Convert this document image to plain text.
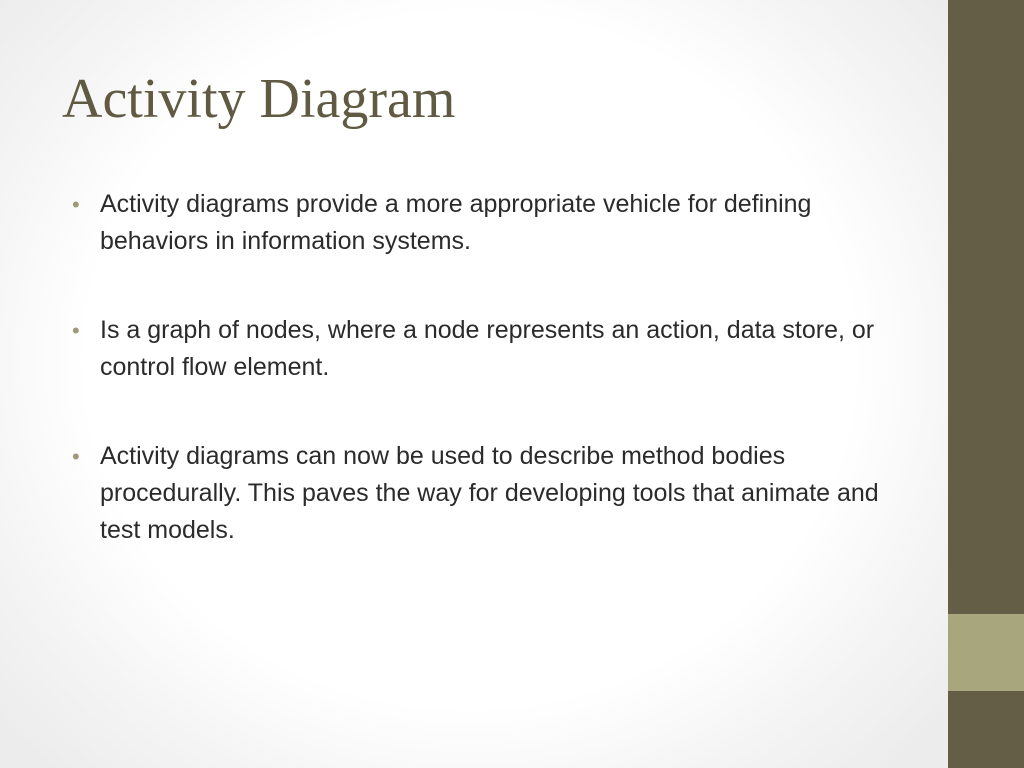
Activity Diagram
• Activity diagrams provide a more appropriate vehicle for defining behaviors in information systems.
• Is a graph of nodes, where a node represents an action, data store, or control flow element.
• Activity diagrams can now be used to describe method bodies procedurally. This paves the way for developing tools that animate and test models.
